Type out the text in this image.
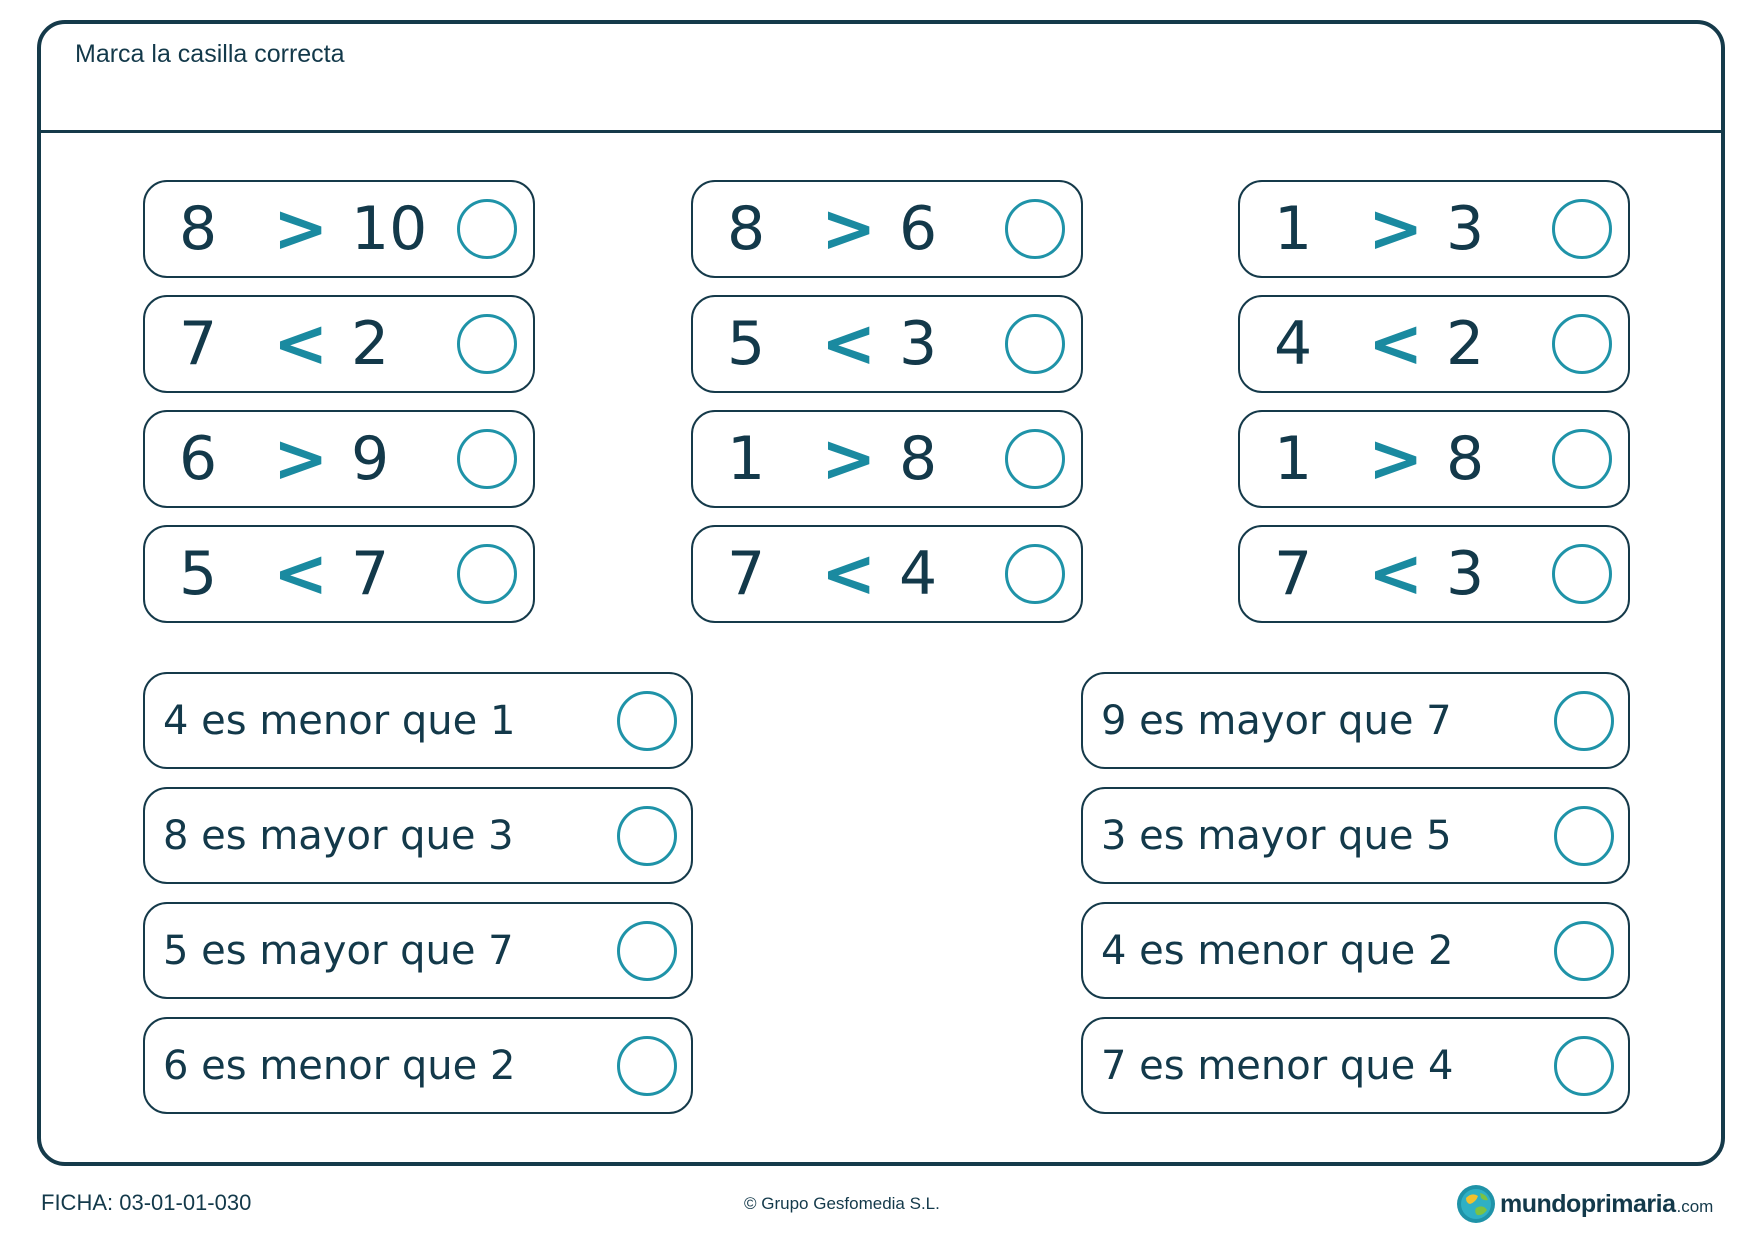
Marca la casilla correcta
8 > 10
7 < 2
6 > 9
5 < 7
8 > 6
5 < 3
1 > 8
7 < 4
1 > 3
4 < 2
1 > 8
7 < 3
4 es menor que 1
8 es mayor que 3
5 es mayor que 7
6 es menor que 2
9 es mayor que 7
3 es mayor que 5
4 es menor que 2
7 es menor que 4
FICHA: 03-01-01-030	© Grupo Gesfomedia S.L.	mundoprimaria .com
